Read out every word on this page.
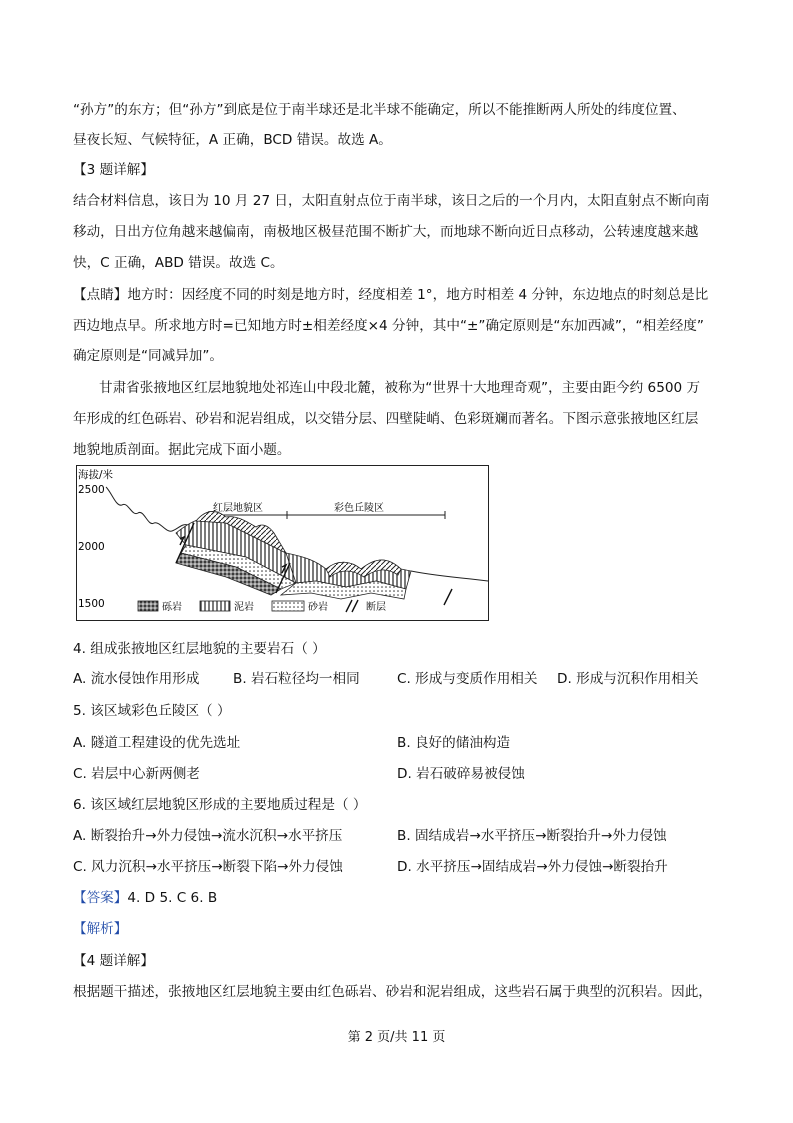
“孙方”的东方；但“孙方”到底是位于南半球还是北半球不能确定，所以不能推断两人所处的纬度位置、
昼夜长短、气候特征，A 正确，BCD 错误。故选 A。
【3 题详解】
结合材料信息，该日为 10 月 27 日，太阳直射点位于南半球，该日之后的一个月内，太阳直射点不断向南
移动，日出方位角越来越偏南，南极地区极昼范围不断扩大，而地球不断向近日点移动，公转速度越来越
快，C 正确，ABD 错误。故选 C。
【点睛】地方时：因经度不同的时刻是地方时，经度相差 1°，地方时相差 4 分钟，东边地点的时刻总是比
西边地点早。所求地方时=已知地方时±相差经度×4 分钟，其中“±”确定原则是“东加西减”，“相差经度”
确定原则是“同减异加”。
甘肃省张掖地区红层地貌地处祁连山中段北麓，被称为“世界十大地理奇观”，主要由距今约 6500 万
年形成的红色砾岩、砂岩和泥岩组成，以交错分层、四壁陡峭、色彩斑斓而著名。下图示意张掖地区红层
地貌地质剖面。据此完成下面小题。
海拔/米
2500
2000
1500
红层地貌区	彩色丘陵区
砾岩	泥岩	砂岩	断层
4. 组成张掖地区红层地貌的主要岩石（ ）
A. 流水侵蚀作用形成 B. 岩石粒径均一相同	C. 形成与变质作用相关 D. 形成与沉积作用相关
5. 该区域彩色丘陵区（ ）
A. 隧道工程建设的优先选址	B. 良好的储油构造
C. 岩层中心新两侧老	D. 岩石破碎易被侵蚀
6. 该区域红层地貌区形成的主要地质过程是（ ）
A. 断裂抬升→外力侵蚀→流水沉积→水平挤压	B. 固结成岩→水平挤压→断裂抬升→外力侵蚀
C. 风力沉积→水平挤压→断裂下陷→外力侵蚀	D. 水平挤压→固结成岩→外力侵蚀→断裂抬升
【答案】4. D 5. C 6. B
【解析】
【4 题详解】
根据题干描述，张掖地区红层地貌主要由红色砾岩、砂岩和泥岩组成，这些岩石属于典型的沉积岩。因此，
第 2 页/共 11 页
